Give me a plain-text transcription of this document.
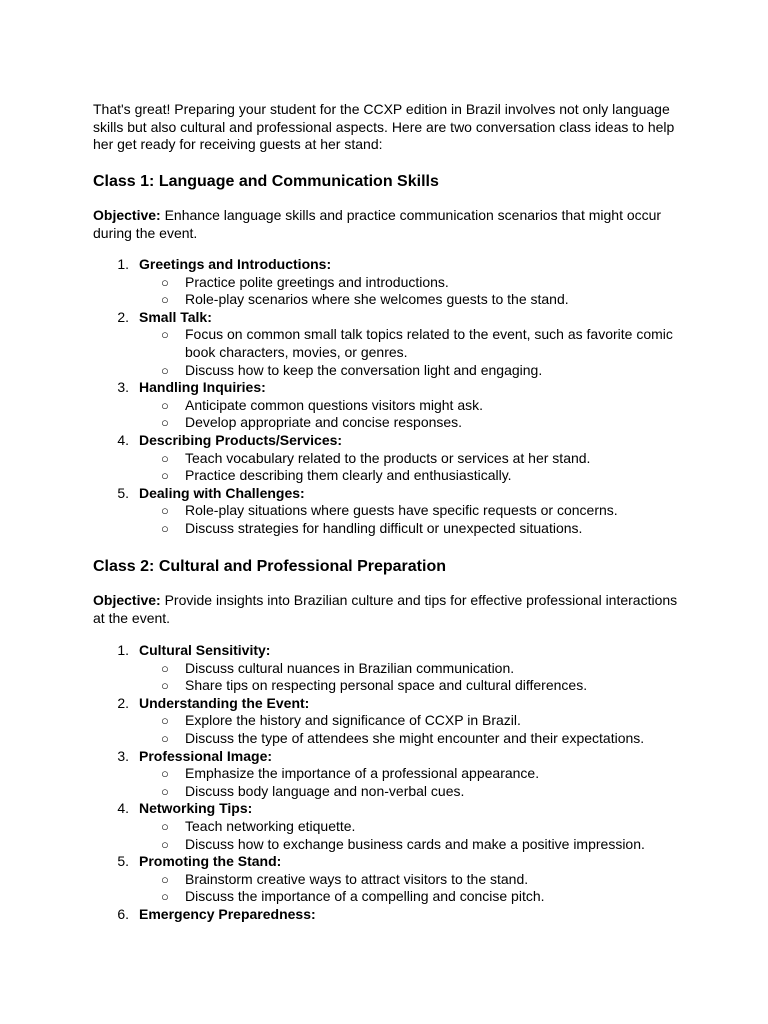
That's great! Preparing your student for the CCXP edition in Brazil involves not only language skills but also cultural and professional aspects. Here are two conversation class ideas to help her get ready for receiving guests at her stand:

Class 1: Language and Communication Skills

Objective: Enhance language skills and practice communication scenarios that might occur during the event.

1. Greetings and Introductions:
○ Practice polite greetings and introductions.
○ Role-play scenarios where she welcomes guests to the stand.
2. Small Talk:
○ Focus on common small talk topics related to the event, such as favorite comic book characters, movies, or genres.
○ Discuss how to keep the conversation light and engaging.
3. Handling Inquiries:
○ Anticipate common questions visitors might ask.
○ Develop appropriate and concise responses.
4. Describing Products/Services:
○ Teach vocabulary related to the products or services at her stand.
○ Practice describing them clearly and enthusiastically.
5. Dealing with Challenges:
○ Role-play situations where guests have specific requests or concerns.
○ Discuss strategies for handling difficult or unexpected situations.
Class 2: Cultural and Professional Preparation

Objective: Provide insights into Brazilian culture and tips for effective professional interactions at the event.

1. Cultural Sensitivity:
○ Discuss cultural nuances in Brazilian communication.
○ Share tips on respecting personal space and cultural differences.
2. Understanding the Event:
○ Explore the history and significance of CCXP in Brazil.
○ Discuss the type of attendees she might encounter and their expectations.
3. Professional Image:
○ Emphasize the importance of a professional appearance.
○ Discuss body language and non-verbal cues.
4. Networking Tips:
○ Teach networking etiquette.
○ Discuss how to exchange business cards and make a positive impression.
5. Promoting the Stand:
○ Brainstorm creative ways to attract visitors to the stand.
○ Discuss the importance of a compelling and concise pitch.
6. Emergency Preparedness:
